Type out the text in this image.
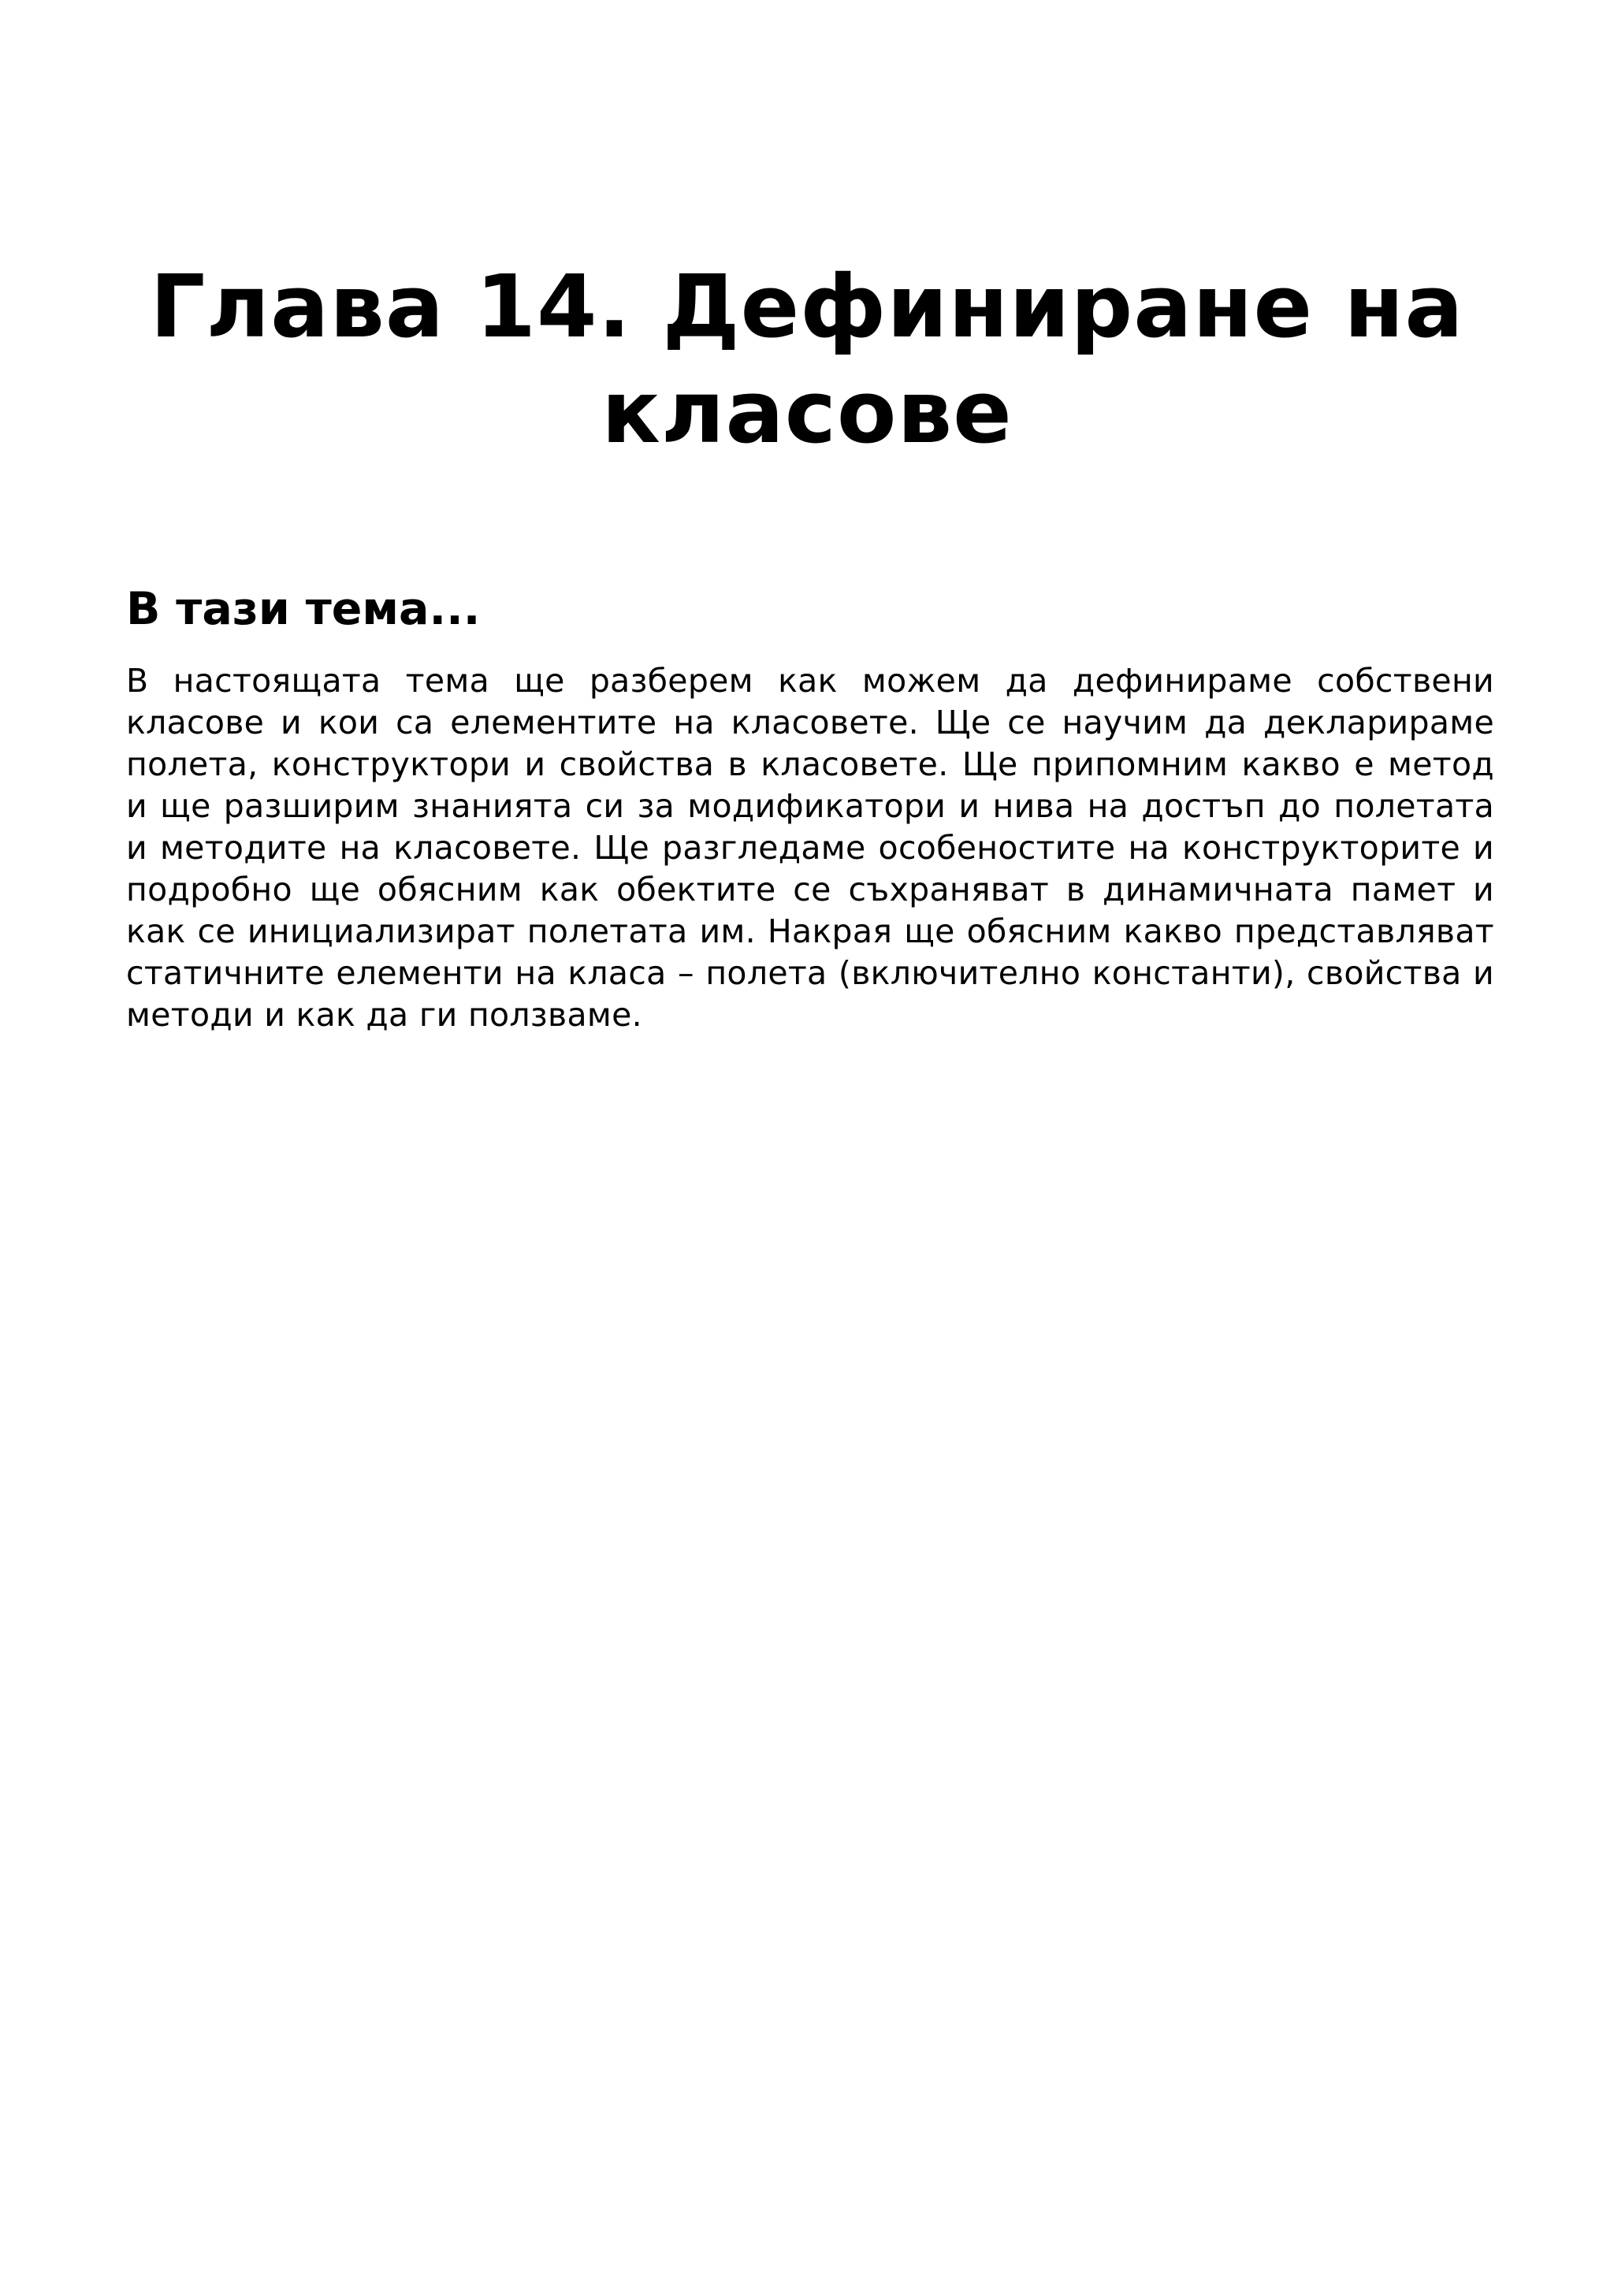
Глава 14. Дефиниране на класове
В тази тема...

В настоящата тема ще разберем как можем да дефинираме собствени класове и кои са елементите на класовете. Ще се научим да декларираме полета, конструктори и свойства в класовете. Ще припомним какво е метод и ще разширим знанията си за модификатори и нива на достъп до полетата и методите на класовете. Ще разгледаме особеностите на конструкторите и подробно ще обясним как обектите се съхраняват в динамичната памет и как се инициализират полетата им. Накрая ще обясним какво представляват статичните елементи на класа – полета (включително константи), свойства и методи и как да ги ползваме.
